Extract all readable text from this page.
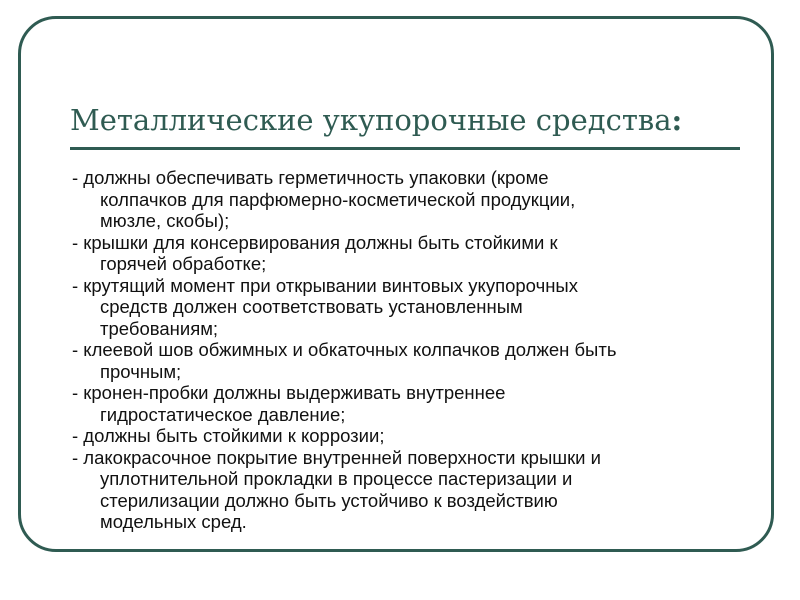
Металлические укупорочные средства:
- должны обеспечивать герметичность упаковки (кроме
колпачков для парфюмерно-косметической продукции,
мюзле, скобы);
- крышки для консервирования должны быть стойкими к
горячей обработке;
- крутящий момент при открывании винтовых укупорочных
средств должен соответствовать установленным
требованиям;
- клеевой шов обжимных и обкаточных колпачков должен быть
прочным;
- кронен-пробки должны выдерживать внутреннее
гидростатическое давление;
- должны быть стойкими к коррозии;
- лакокрасочное покрытие внутренней поверхности крышки и
уплотнительной прокладки в процессе пастеризации и
стерилизации должно быть устойчиво к воздействию
модельных сред.
